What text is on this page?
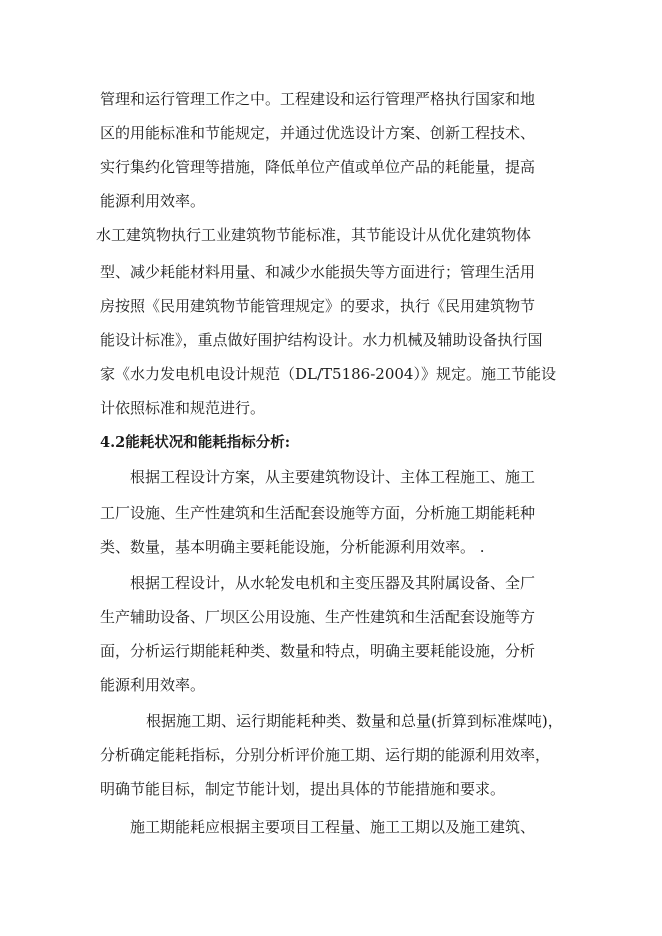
管理和运行管理工作之中。工程建设和运行管理严格执行国家和地

区的用能标准和节能规定，并通过优选设计方案、创新工程技术、

实行集约化管理等措施，降低单位产值或单位产品的耗能量，提高

能源利用效率。

水工建筑物执行工业建筑物节能标准，其节能设计从优化建筑物体

型、减少耗能材料用量、和减少水能损失等方面进行；管理生活用

房按照《民用建筑物节能管理规定》的要求，执行《民用建筑物节

能设计标准》，重点做好围护结构设计。水力机械及辅助设备执行国

家《水力发电机电设计规范（DL/T5186-2004）》规定。施工节能设

计依照标准和规范进行。

4.2能耗状况和能耗指标分析:

根据工程设计方案，从主要建筑物设计、主体工程施工、施工

工厂设施、生产性建筑和生活配套设施等方面，分析施工期能耗种

类、数量，基本明确主要耗能设施，分析能源利用效率。 .

根据工程设计，从水轮发电机和主变压器及其附属设备、全厂

生产辅助设备、厂坝区公用设施、生产性建筑和生活配套设施等方

面，分析运行期能耗种类、数量和特点，明确主要耗能设施，分析

能源利用效率。

根据施工期、运行期能耗种类、数量和总量(折算到标准煤吨)，

分析确定能耗指标，分别分析评价施工期、运行期的能源利用效率，

明确节能目标，制定节能计划，提出具体的节能措施和要求。

施工期能耗应根据主要项目工程量、施工工期以及施工建筑、
